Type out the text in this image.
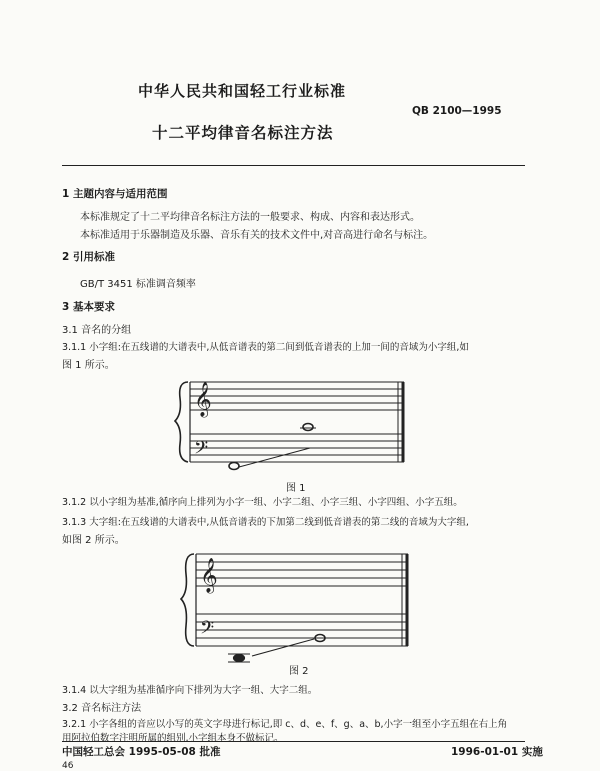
中华人民共和国轻工行业标准
QB 2100—1995
十二平均律音名标注方法
1 主题内容与适用范围
本标准规定了十二平均律音名标注方法的一般要求、构成、内容和表达形式。
本标准适用于乐器制造及乐器、音乐有关的技术文件中,对音高进行命名与标注。
2 引用标准
GB/T 3451 标准调音频率
3 基本要求
3.1 音名的分组
3.1.1 小字组:在五线谱的大谱表中,从低音谱表的第二间到低音谱表的上加一间的音域为小字组,如
图 1 所示。
𝄞
𝄢
图 1
3.1.2 以小字组为基准,循序向上排列为小字一组、小字二组、小字三组、小字四组、小字五组。
3.1.3 大字组:在五线谱的大谱表中,从低音谱表的下加第二线到低音谱表的第二线的音域为大字组,
如图 2 所示。
𝄞
𝄢
图 2
3.1.4 以大字组为基准循序向下排列为大字一组、大字二组。
3.2 音名标注方法
3.2.1 小字各组的音应以小写的英文字母进行标记,即 c、d、e、f、g、a、b,小字一组至小字五组在右上角
用阿拉伯数字注明所属的组别,小字组本身不做标记。
中国轻工总会 1995-05-08 批准	1996-01-01 实施
46
